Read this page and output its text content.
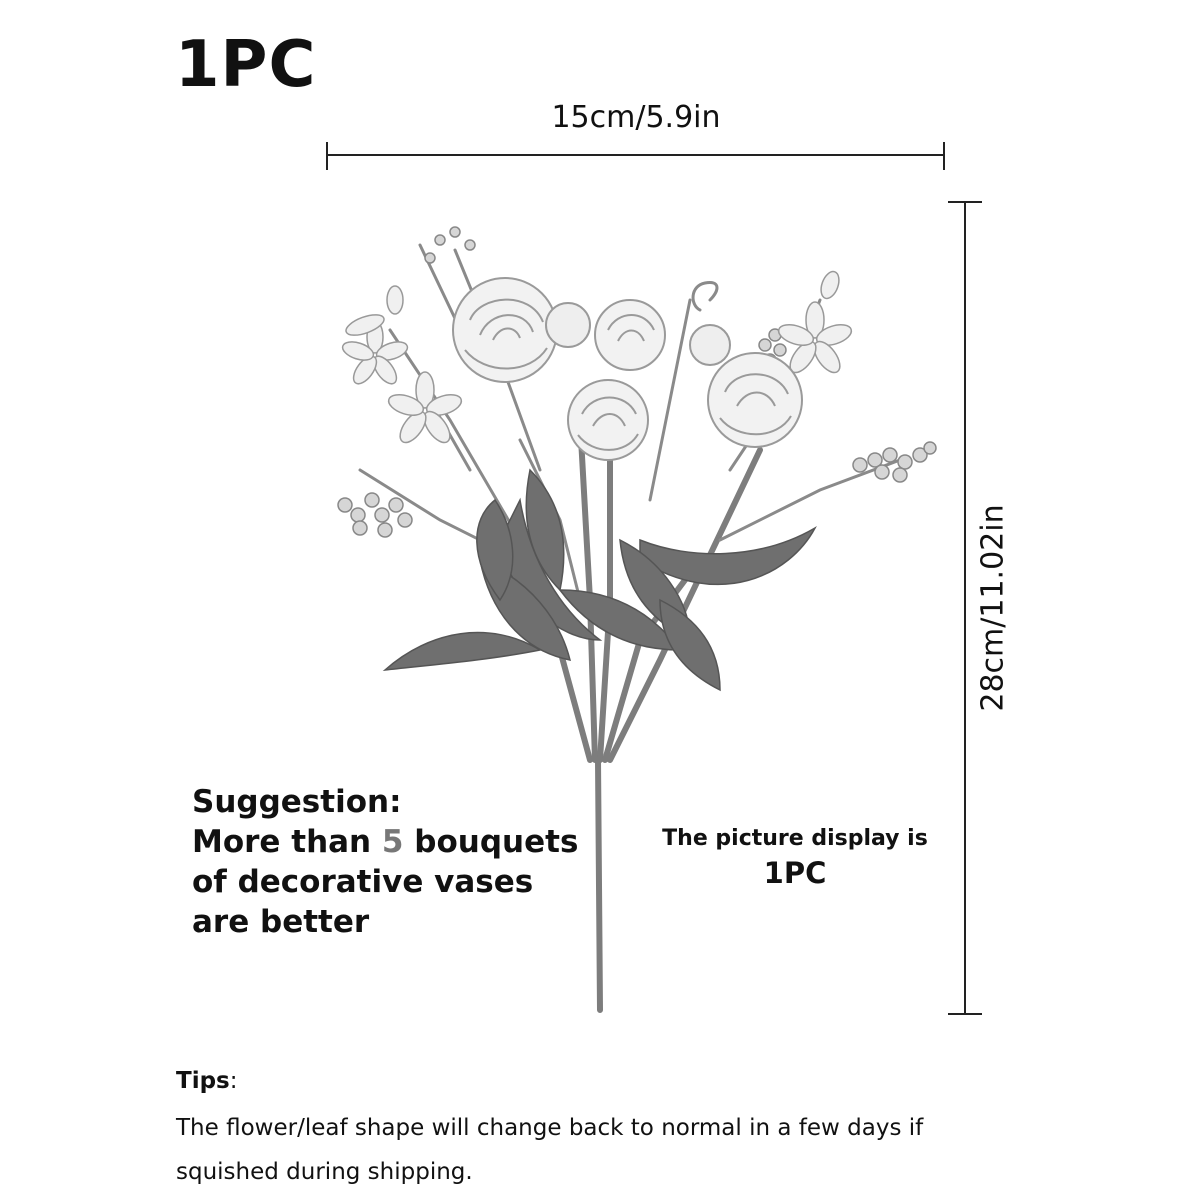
1PC
15cm/5.9in
28cm/11.02in
Suggestion:
More than 5 bouquets
of decorative vases
are better
The picture display is
1PC
Tips:
The flower/leaf shape will change back to normal in a few days if
squished during shipping.
